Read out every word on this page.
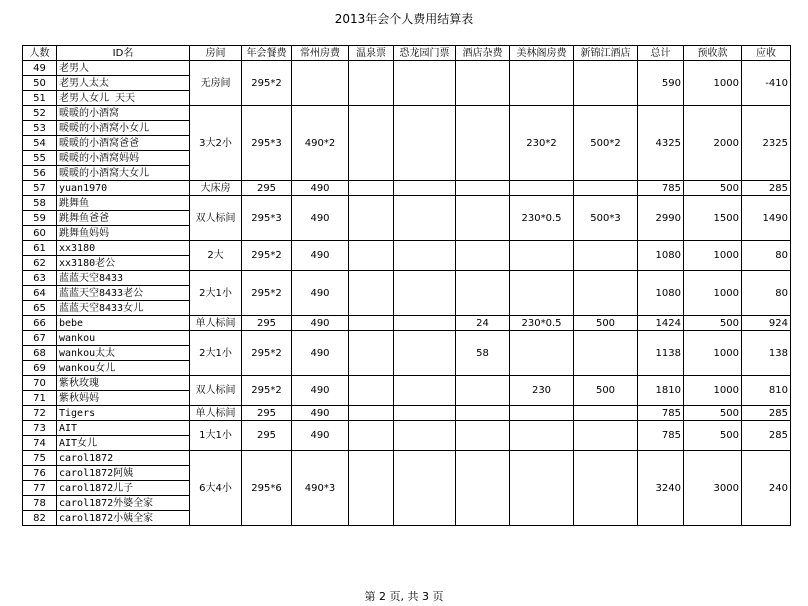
2013年会个人费用结算表
人数	ID名	房间	年会餐费	常州房费	温泉票	恐龙园门票	酒店杂费	美林阁房费	新锦江酒店	总计	预收款	应收
49	老男人	无房间	295*2							590	1000	-410
50	老男人太太											
51	老男人女儿 天天											
52	暖暖的小酒窝	3大2小	295*3	490*2				230*2	500*2	4325	2000	2325
53	暖暖的小酒窝小女儿											
54	暖暖的小酒窝爸爸											
55	暖暖的小酒窝妈妈											
56	暖暖的小酒窝大女儿											
57	yuan1970	大床房	295	490						785	500	285
58	跳舞鱼	双人标间	295*3	490				230*0.5	500*3	2990	1500	1490
59	跳舞鱼爸爸											
60	跳舞鱼妈妈											
61	xx3180	2大	295*2	490						1080	1000	80
62	xx3180老公											
63	蓝蓝天空8433	2大1小	295*2	490						1080	1000	80
64	蓝蓝天空8433老公											
65	蓝蓝天空8433女儿											
66	bebe	单人标间	295	490			24	230*0.5	500	1424	500	924
67	wankou	2大1小	295*2	490			58			1138	1000	138
68	wankou太太											
69	wankou女儿											
70	紫秋玫瑰	双人标间	295*2	490				230	500	1810	1000	810
71	紫秋妈妈											
72	Tigers	单人标间	295	490						785	500	285
73	AIT	1大1小	295	490						785	500	285
74	AIT女儿											
75	carol1872	6大4小	295*6	490*3						3240	3000	240
76	carol1872阿姨											
77	carol1872儿子											
78	carol1872外婆全家											
82	carol1872小姨全家											
第 2 页, 共 3 页
